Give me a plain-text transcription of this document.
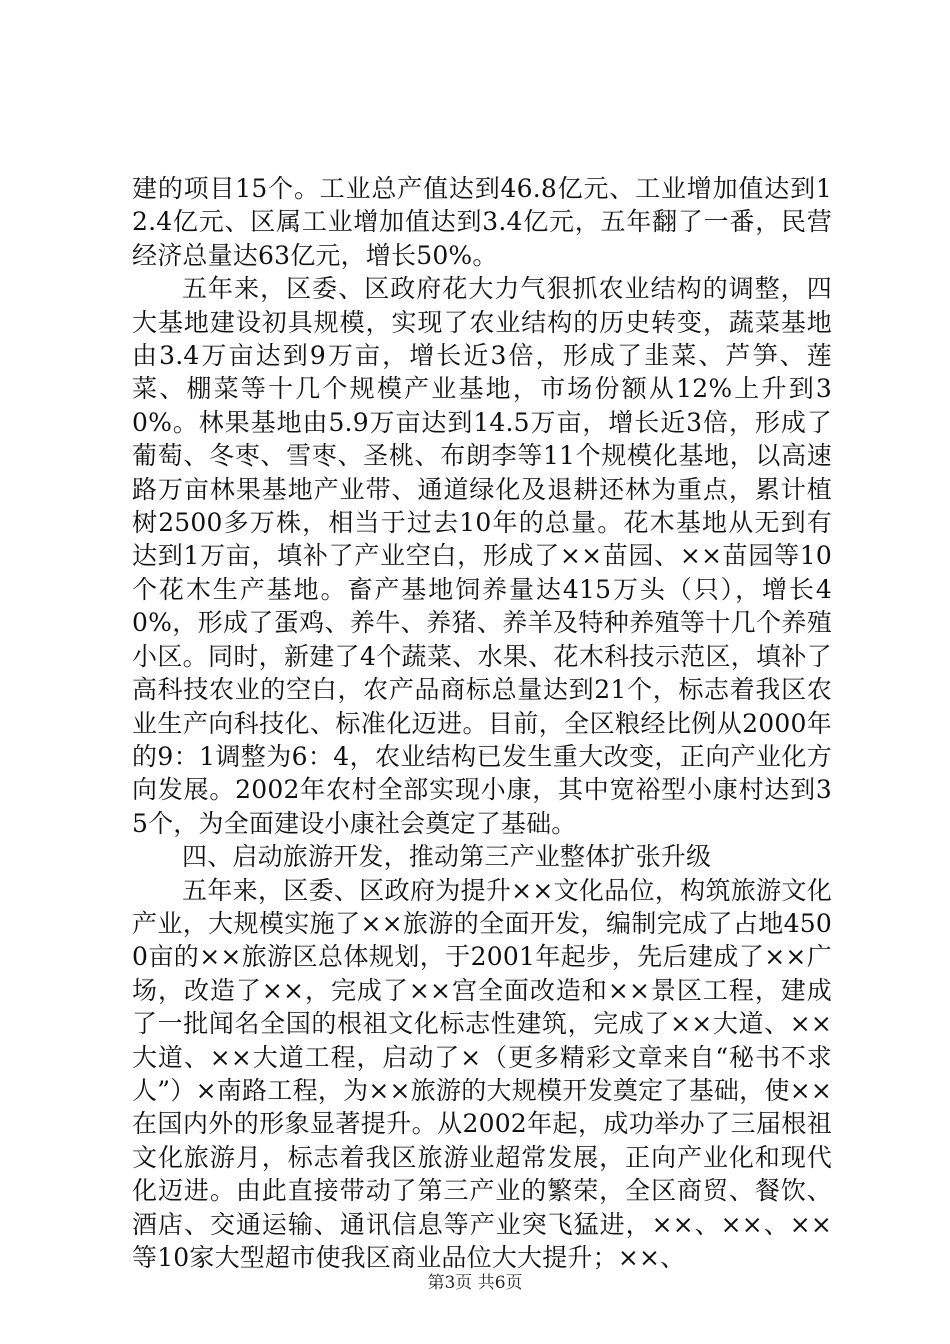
建的项目15个。工业总产值达到46.8亿元、工业增加值达到12.4亿元、区属工业增加值达到3.4亿元，五年翻了一番，民营经济总量达63亿元，增长50%。

五年来，区委、区政府花大力气狠抓农业结构的调整，四大基地建设初具规模，实现了农业结构的历史转变，蔬菜基地由3.4万亩达到9万亩，增长近3倍，形成了韭菜、芦笋、莲菜、棚菜等十几个规模产业基地，市场份额从12%上升到30%。林果基地由5.9万亩达到14.5万亩，增长近3倍，形成了葡萄、冬枣、雪枣、圣桃、布朗李等11个规模化基地，以高速路万亩林果基地产业带、通道绿化及退耕还林为重点，累计植树2500多万株，相当于过去10年的总量。花木基地从无到有达到1万亩，填补了产业空白，形成了××苗园、××苗园等10个花木生产基地。畜产基地饲养量达415万头（只），增长40%，形成了蛋鸡、养牛、养猪、养羊及特种养殖等十几个养殖小区。同时，新建了4个蔬菜、水果、花木科技示范区，填补了高科技农业的空白，农产品商标总量达到21个，标志着我区农业生产向科技化、标准化迈进。目前，全区粮经比例从2000年的9：1调整为6：4，农业结构已发生重大改变，正向产业化方向发展。2002年农村全部实现小康，其中宽裕型小康村达到35个，为全面建设小康社会奠定了基础。

四、启动旅游开发，推动第三产业整体扩张升级

五年来，区委、区政府为提升××文化品位，构筑旅游文化产业，大规模实施了××旅游的全面开发，编制完成了占地4500亩的××旅游区总体规划，于2001年起步，先后建成了××广场，改造了××，完成了××宫全面改造和××景区工程，建成了一批闻名全国的根祖文化标志性建筑，完成了××大道、××大道、××大道工程，启动了×（更多精彩文章来自“秘书不求人”）×南路工程，为××旅游的大规模开发奠定了基础，使××在国内外的形象显著提升。从2002年起，成功举办了三届根祖文化旅游月，标志着我区旅游业超常发展，正向产业化和现代化迈进。由此直接带动了第三产业的繁荣，全区商贸、餐饮、酒店、交通运输、通讯信息等产业突飞猛进，××、××、××等10家大型超市使我区商业品位大大提升；××、

第3页 共6页
